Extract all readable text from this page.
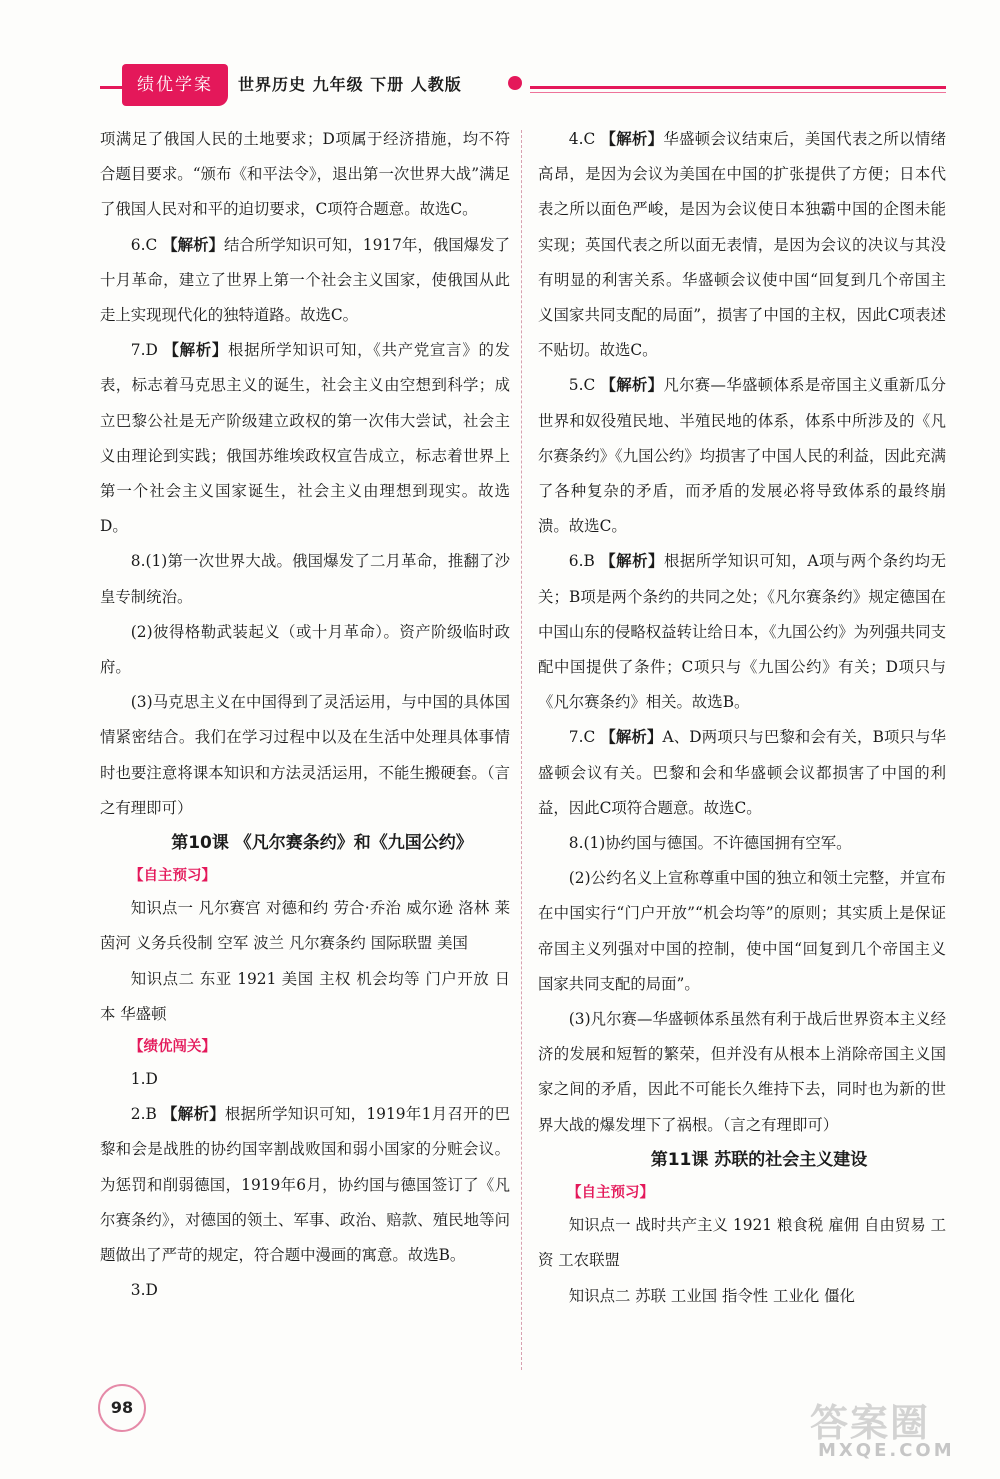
绩优学案	世界历史 九年级 下册 人教版

项满足了俄国人民的土地要求；D项属于经济措施，均不符合题目要求。“颁布《和平法令》，退出第一次世界大战”满足了俄国人民对和平的迫切要求，C项符合题意。故选C。

6.C 【解析】结合所学知识可知，1917年，俄国爆发了十月革命，建立了世界上第一个社会主义国家，使俄国从此走上实现现代化的独特道路。故选C。

7.D 【解析】根据所学知识可知，《共产党宣言》的发表，标志着马克思主义的诞生，社会主义由空想到科学；成立巴黎公社是无产阶级建立政权的第一次伟大尝试，社会主义由理论到实践；俄国苏维埃政权宣告成立，标志着世界上第一个社会主义国家诞生，社会主义由理想到现实。故选D。

8.(1)第一次世界大战。俄国爆发了二月革命，推翻了沙皇专制统治。

(2)彼得格勒武装起义（或十月革命）。资产阶级临时政府。

(3)马克思主义在中国得到了灵活运用，与中国的具体国情紧密结合。我们在学习过程中以及在生活中处理具体事情时也要注意将课本知识和方法灵活运用，不能生搬硬套。（言之有理即可）

第10课 《凡尔赛条约》和《九国公约》

【自主预习】

知识点一 凡尔赛宫 对德和约 劳合·乔治 威尔逊 洛林 莱茵河 义务兵役制 空军 波兰 凡尔赛条约 国际联盟 美国

知识点二 东亚 1921 美国 主权 机会均等 门户开放 日本 华盛顿

【绩优闯关】

1.D

2.B 【解析】根据所学知识可知，1919年1月召开的巴黎和会是战胜的协约国宰割战败国和弱小国家的分赃会议。为惩罚和削弱德国，1919年6月，协约国与德国签订了《凡尔赛条约》，对德国的领土、军事、政治、赔款、殖民地等问题做出了严苛的规定，符合题中漫画的寓意。故选B。

3.D

4.C 【解析】华盛顿会议结束后，美国代表之所以情绪高昂，是因为会议为美国在中国的扩张提供了方便；日本代表之所以面色严峻，是因为会议使日本独霸中国的企图未能实现；英国代表之所以面无表情，是因为会议的决议与其没有明显的利害关系。华盛顿会议使中国“回复到几个帝国主义国家共同支配的局面”，损害了中国的主权，因此C项表述不贴切。故选C。

5.C 【解析】凡尔赛—华盛顿体系是帝国主义重新瓜分世界和奴役殖民地、半殖民地的体系，体系中所涉及的《凡尔赛条约》《九国公约》均损害了中国人民的利益，因此充满了各种复杂的矛盾，而矛盾的发展必将导致体系的最终崩溃。故选C。

6.B 【解析】根据所学知识可知，A项与两个条约均无关；B项是两个条约的共同之处；《凡尔赛条约》规定德国在中国山东的侵略权益转让给日本，《九国公约》为列强共同支配中国提供了条件；C项只与《九国公约》有关；D项只与《凡尔赛条约》相关。故选B。

7.C 【解析】A、D两项只与巴黎和会有关，B项只与华盛顿会议有关。巴黎和会和华盛顿会议都损害了中国的利益，因此C项符合题意。故选C。

8.(1)协约国与德国。不许德国拥有空军。

(2)公约名义上宣称尊重中国的独立和领土完整，并宣布在中国实行“门户开放”“机会均等”的原则；其实质上是保证帝国主义列强对中国的控制，使中国“回复到几个帝国主义国家共同支配的局面”。

(3)凡尔赛—华盛顿体系虽然有利于战后世界资本主义经济的发展和短暂的繁荣，但并没有从根本上消除帝国主义国家之间的矛盾，因此不可能长久维持下去，同时也为新的世界大战的爆发埋下了祸根。（言之有理即可）

第11课 苏联的社会主义建设

【自主预习】

知识点一 战时共产主义 1921 粮食税 雇佣 自由贸易 工资 工农联盟

知识点二 苏联 工业国 指令性 工业化 僵化

98	答案圈
MXQE.COM
